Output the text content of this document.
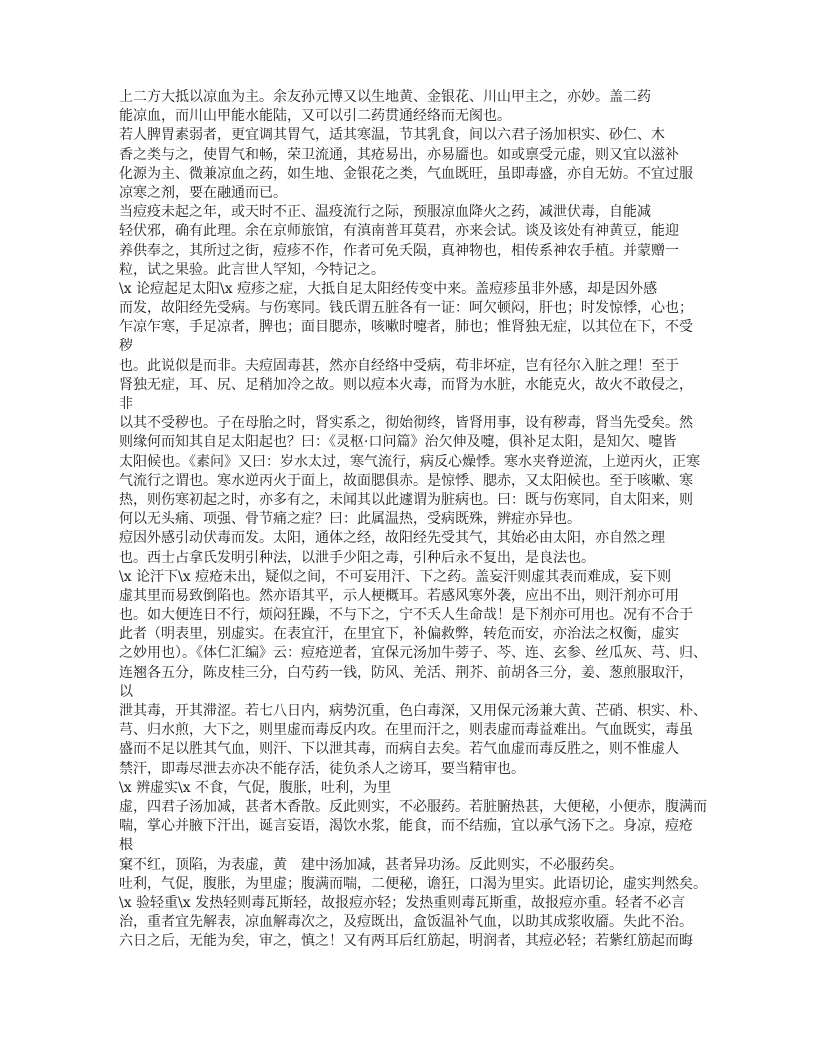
上二方大抵以凉血为主。余友孙元博又以生地黄、金银花、川山甲主之，亦妙。盖二药
能凉血，而川山甲能水能陆，又可以引二药贯通经络而无阂也。
若人脾胃素弱者，更宜调其胃气，适其寒温，节其乳食，间以六君子汤加枳实、砂仁、木
香之类与之，使胃气和畅，荣卫流通，其疮易出，亦易靥也。如或禀受元虚，则又宜以滋补
化源为主、微兼凉血之药，如生地、金银花之类，气血既旺，虽即毒盛，亦自无妨。不宜过服
凉寒之剂，要在融通而已。
当痘疫未起之年，或天时不正、温疫流行之际，预服凉血降火之药，减泄伏毒，自能减
轻伏邪，确有此理。余在京师旅馆，有滇南普耳莫君，亦来会试。谈及该处有神黄豆，能迎
养供奉之，其所过之街，痘疹不作，作者可免夭陨，真神物也，相传系神农手植。并蒙赠一
粒，试之果验。此言世人罕知，今特记之。
\x 论痘起足太阳\x 痘疹之症，大抵自足太阳经传变中来。盖痘疹虽非外感，却是因外感
而发，故阳经先受病。与伤寒同。钱氏谓五脏各有一证：呵欠顿闷，肝也；时发惊悸，心也；
乍凉乍寒，手足凉者，脾也；面目腮赤，咳嗽时嚏者，肺也；惟肾独无症，以其位在下，不受
秽
也。此说似是而非。夫痘固毒甚，然亦自经络中受病，苟非坏症，岂有径尔入脏之理！至于
肾独无症，耳、尻、足稍加冷之故。则以痘本火毒，而肾为水脏，水能克火，故火不敢侵之，
非
以其不受秽也。子在母胎之时，肾实系之，彻始彻终，皆肾用事，设有秽毒，肾当先受矣。然
则缘何而知其自足太阳起也？曰：《灵枢·口问篇》治欠伸及嚏，俱补足太阳，是知欠、嚏皆
太阳候也。《素问》又曰：岁水太过，寒气流行，病反心燥悸。寒水夹脊逆流，上逆丙火，正寒
气流行之谓也。寒水逆丙火于面上，故面腮俱赤。是惊悸、腮赤，又太阳候也。至于咳嗽、寒
热，则伤寒初起之时，亦多有之，未闻其以此遽谓为脏病也。曰：既与伤寒同，自太阳来，则
何以无头痛、项强、骨节痛之症？曰：此属温热，受病既殊，辨症亦异也。
痘因外感引动伏毒而发。太阳，通体之经，故阳经先受其气，其始必由太阳，亦自然之理
也。西士占拿氏发明引种法，以泄手少阳之毒，引种后永不复出，是良法也。
\x 论汗下\x 痘疮未出，疑似之间，不可妄用汗、下之药。盖妄汗则虚其表而难成，妄下则
虚其里而易致倒陷也。然亦语其平，示人梗概耳。若感风寒外袭，应出不出，则汗剂亦可用
也。如大便连日不行，烦闷狂躁，不与下之，宁不夭人生命哉！是下剂亦可用也。况有不合于
此者（明表里，别虚实。在表宜汗，在里宜下，补偏救弊，转危而安，亦治法之权衡，虚实
之妙用也）。《体仁汇编》云：痘疮逆者，宜保元汤加牛蒡子、芩、连、玄参、丝瓜灰、芎、归、
连翘各五分，陈皮桂三分，白芍药一钱，防风、羌活、荆芥、前胡各三分，姜、葱煎服取汗，
以
泄其毒，开其滞涩。若七八日内，病势沉重，色白毒深，又用保元汤兼大黄、芒硝、枳实、朴、
芎、归水煎，大下之，则里虚而毒反内攻。在里而汗之，则表虚而毒益难出。气血既实，毒虽
盛而不足以胜其气血，则汗、下以泄其毒，而病自去矣。若气血虚而毒反胜之，则不惟虚人
禁汗，即毒尽泄去亦决不能存活，徒负杀人之谤耳，要当精审也。
\x 辨虚实\x 不食，气促，腹胀，吐利，为里
虚，四君子汤加减，甚者木香散。反此则实，不必服药。若脏腑热甚，大便秘，小便赤，腹满而
喘，掌心并腋下汗出，诞言妄语，渴饮水浆，能食，而不结痂，宜以承气汤下之。身凉，痘疮
根
窠不红，顶陷，为表虚，黄　建中汤加减，甚者异功汤。反此则实，不必服药矣。
吐利，气促，腹胀，为里虚；腹满而喘，二便秘，谵狂，口渴为里实。此语切论，虚实判然矣。
\x 验轻重\x 发热轻则毒瓦斯轻，故报痘亦轻；发热重则毒瓦斯重，故报痘亦重。轻者不必言
治，重者宜先解表，凉血解毒次之，及痘既出，盒饭温补气血，以助其成浆收靥。失此不治。
六日之后，无能为矣，审之，慎之！又有两耳后红筋起，明润者，其痘必轻；若紫红筋起而晦
